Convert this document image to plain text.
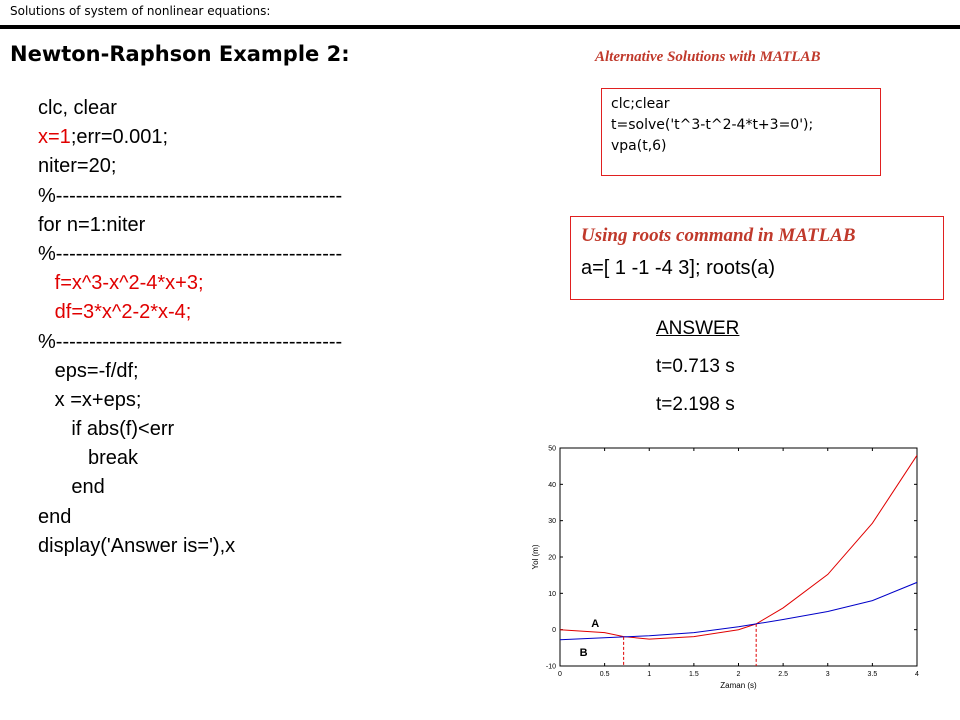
Solutions of system of nonlinear equations:
Newton-Raphson Example 2:	Alternative Solutions with MATLAB
clc, clear
x=1;err=0.001;
niter=20;
%-------------------------------------------
for n=1:niter
%-------------------------------------------
f=x^3-x^2-4*x+3;
df=3*x^2-2*x-4;
%-------------------------------------------
eps=-f/df;
x =x+eps;
if abs(f)<err
break
end
end
display('Answer is='),x
clc;clear
t=solve('t^3-t^2-4*t+3=0');
vpa(t,6)
Using roots command in MATLAB
a=[ 1 -1 -4 3]; roots(a)
ANSWER
t=0.713 s
t=2.198 s
0	0.5	1	1.5	2	2.5	3	3.5	4
-10
0
10
20
30
40
50
Zaman (s)
Yol (m)
A
B
